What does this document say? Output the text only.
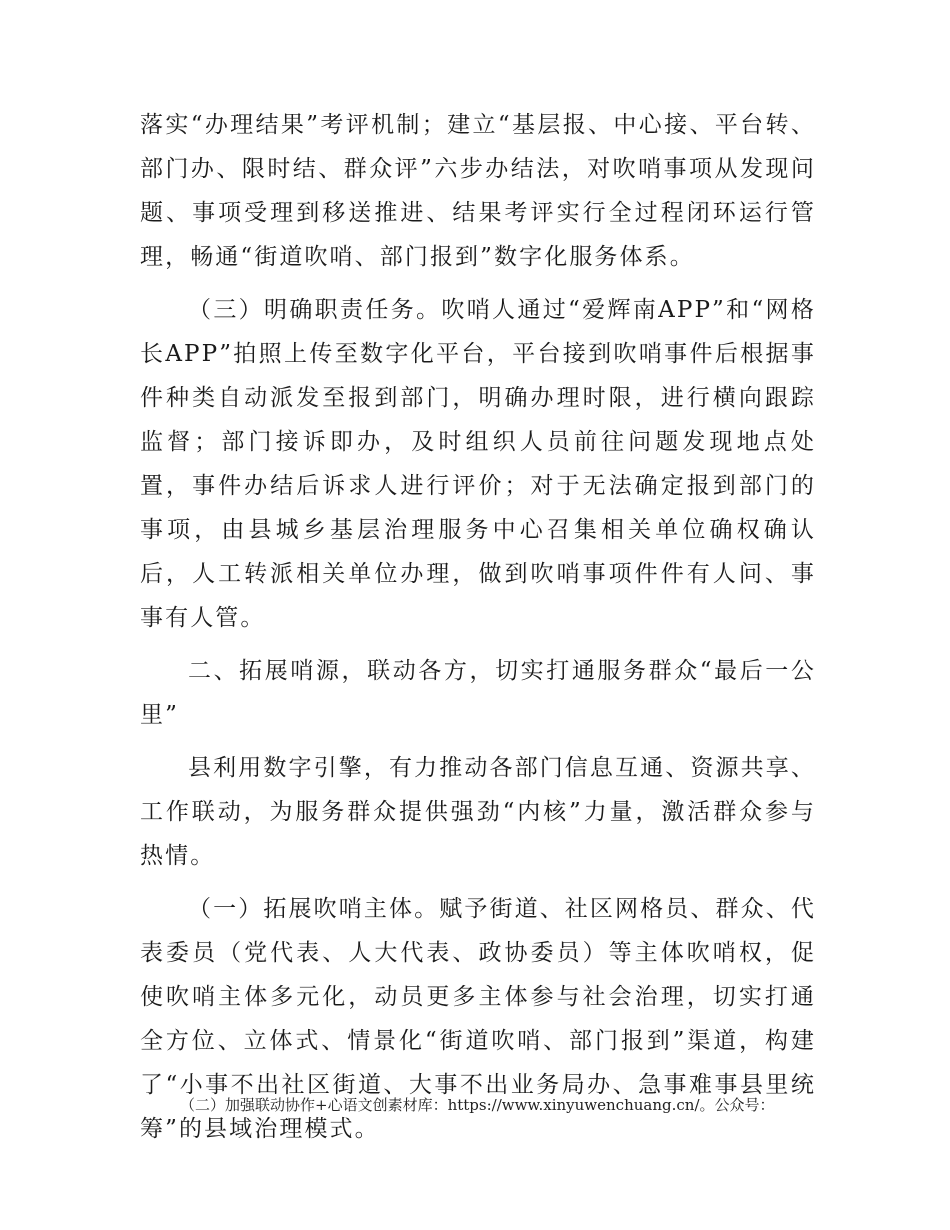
落实“办理结果”考评机制；建立“基层报、中心接、平台转、部门办、限时结、群众评”六步办结法，对吹哨事项从发现问题、事项受理到移送推进、结果考评实行全过程闭环运行管理，畅通“街道吹哨、部门报到”数字化服务体系。

（三）明确职责任务。吹哨人通过“爱辉南APP”和“网格长APP”拍照上传至数字化平台，平台接到吹哨事件后根据事件种类自动派发至报到部门，明确办理时限，进行横向跟踪监督；部门接诉即办，及时组织人员前往问题发现地点处置，事件办结后诉求人进行评价；对于无法确定报到部门的事项，由县城乡基层治理服务中心召集相关单位确权确认后，人工转派相关单位办理，做到吹哨事项件件有人问、事事有人管。

二、拓展哨源，联动各方，切实打通服务群众“最后一公里”

县利用数字引擎，有力推动各部门信息互通、资源共享、工作联动，为服务群众提供强劲“内核”力量，激活群众参与热情。

（一）拓展吹哨主体。赋予街道、社区网格员、群众、代表委员（党代表、人大代表、政协委员）等主体吹哨权，促使吹哨主体多元化，动员更多主体参与社会治理，切实打通全方位、立体式、情景化“街道吹哨、部门报到”渠道，构建了“小事不出社区街道、大事不出业务局办、急事难事县里统筹”的县域治理模式。

（二）加强联动协作+心语文创素材库：https://www.xinyuwenchuang.cn/。公众号：
